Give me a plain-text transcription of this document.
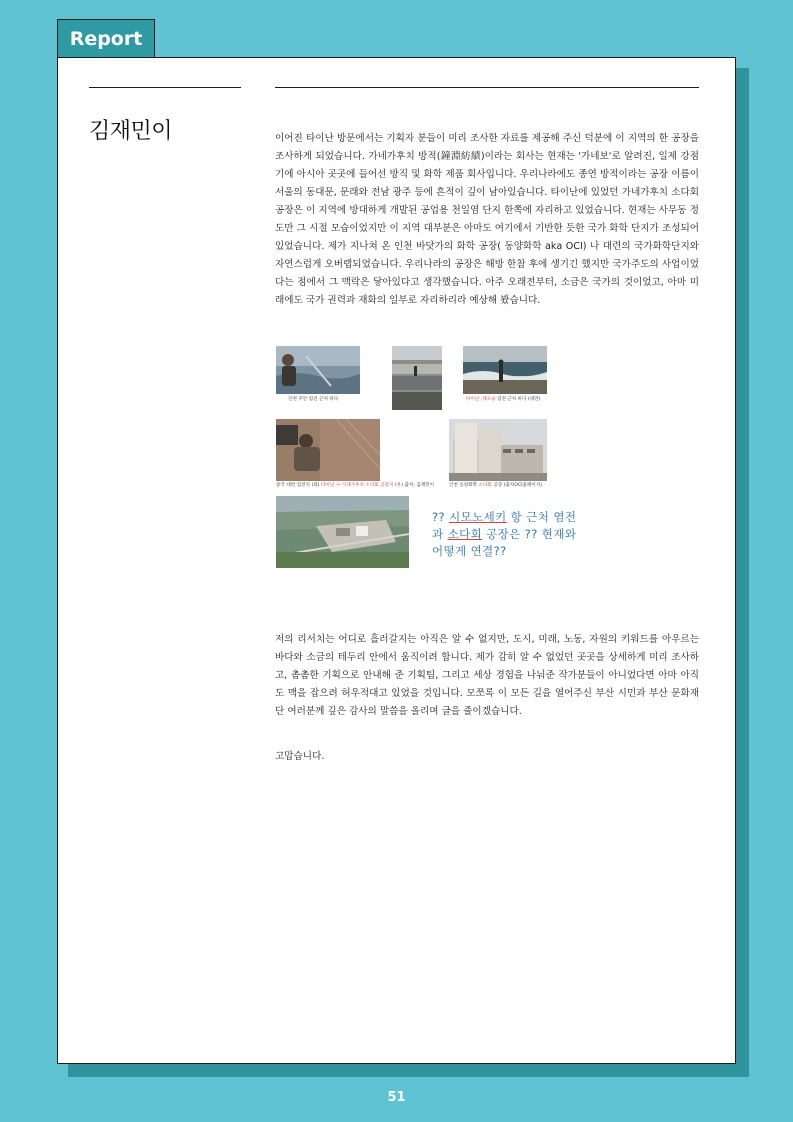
Report
김재민이	이어진 타이난 방문에서는 기획자 분들이 미리 조사한 자료를 제공해 주신 덕분에 이 지역의 한 공장을 조사하게 되었습니다. 가네가후치 방적(鐘淵紡績)이라는 회사는 현재는 '가네보'로 알려진, 일제 강점기에 아시아 곳곳에 들어선 방직 및 화학 제품 회사입니다. 우리나라에도 종연 방적이라는 공장 이름이 서울의 동대문, 문래와 전남 광주 등에 흔적이 깊이 남아있습니다. 타이난에 있었던 가네가후치 소다회 공장은 이 지역에 방대하게 개발된 공업용 천일염 단지 한쪽에 자리하고 있었습니다. 현재는 사무동 정도만 그 시절 모습이었지만 이 지역 대부분은 아마도 여기에서 기반한 듯한 국가 화학 단지가 조성되어 있었습니다. 제가 지나쳐 온 인천 바닷가의 화학 공장( 동양화학 aka OCI) 나 대련의 국가화학단지와 자연스럽게 오버랩되었습니다. 우리나라의 공장은 해방 한참 후에 생기긴 했지만 국가주도의 사업이었다는 점에서 그 맥락은 닿아있다고 생각했습니다. 아주 오래전부터, 소금은 국가의 것이었고, 아마 미래에도 국가 권력과 재화의 일부로 자리하리라 예상해 봤습니다.

인천 주안 염전 근처 바다	타이난 ,캐오슝 염전 근처 바다 (대만)
중국 대련 염전지 (좌) 타이난 구-가네가후치 소다회 공장지 (우) 출처: 김재민이	인천 동양화학 소다회 공장 (출처OCI홈페이지)

?? 시모노세키 항 근처 염전과 소다회 공장은 ?? 현재와 어떻게 연결??

저의 리서치는 어디로 흘러갈지는 아직은 알 수 없지만, 도시, 미래, 노동, 자원의 키워드를 아우르는 바다와 소금의 테두리 안에서 움직이려 합니다. 제가 감히 알 수 없었던 곳곳을 상세하게 미리 조사하고, 촘촘한 기획으로 안내해 준 기획팀, 그리고 세상 경험을 나눠준 작가분들이 아니었다면 아마 아직도 맥을 잡으려 허우적대고 있었을 것입니다. 모쪼록 이 모든 길을 열어주신 부산 시민과 부산 문화재단 여러분께 깊은 감사의 말씀을 올리며 글을 줄이겠습니다.

고맙습니다.

51
